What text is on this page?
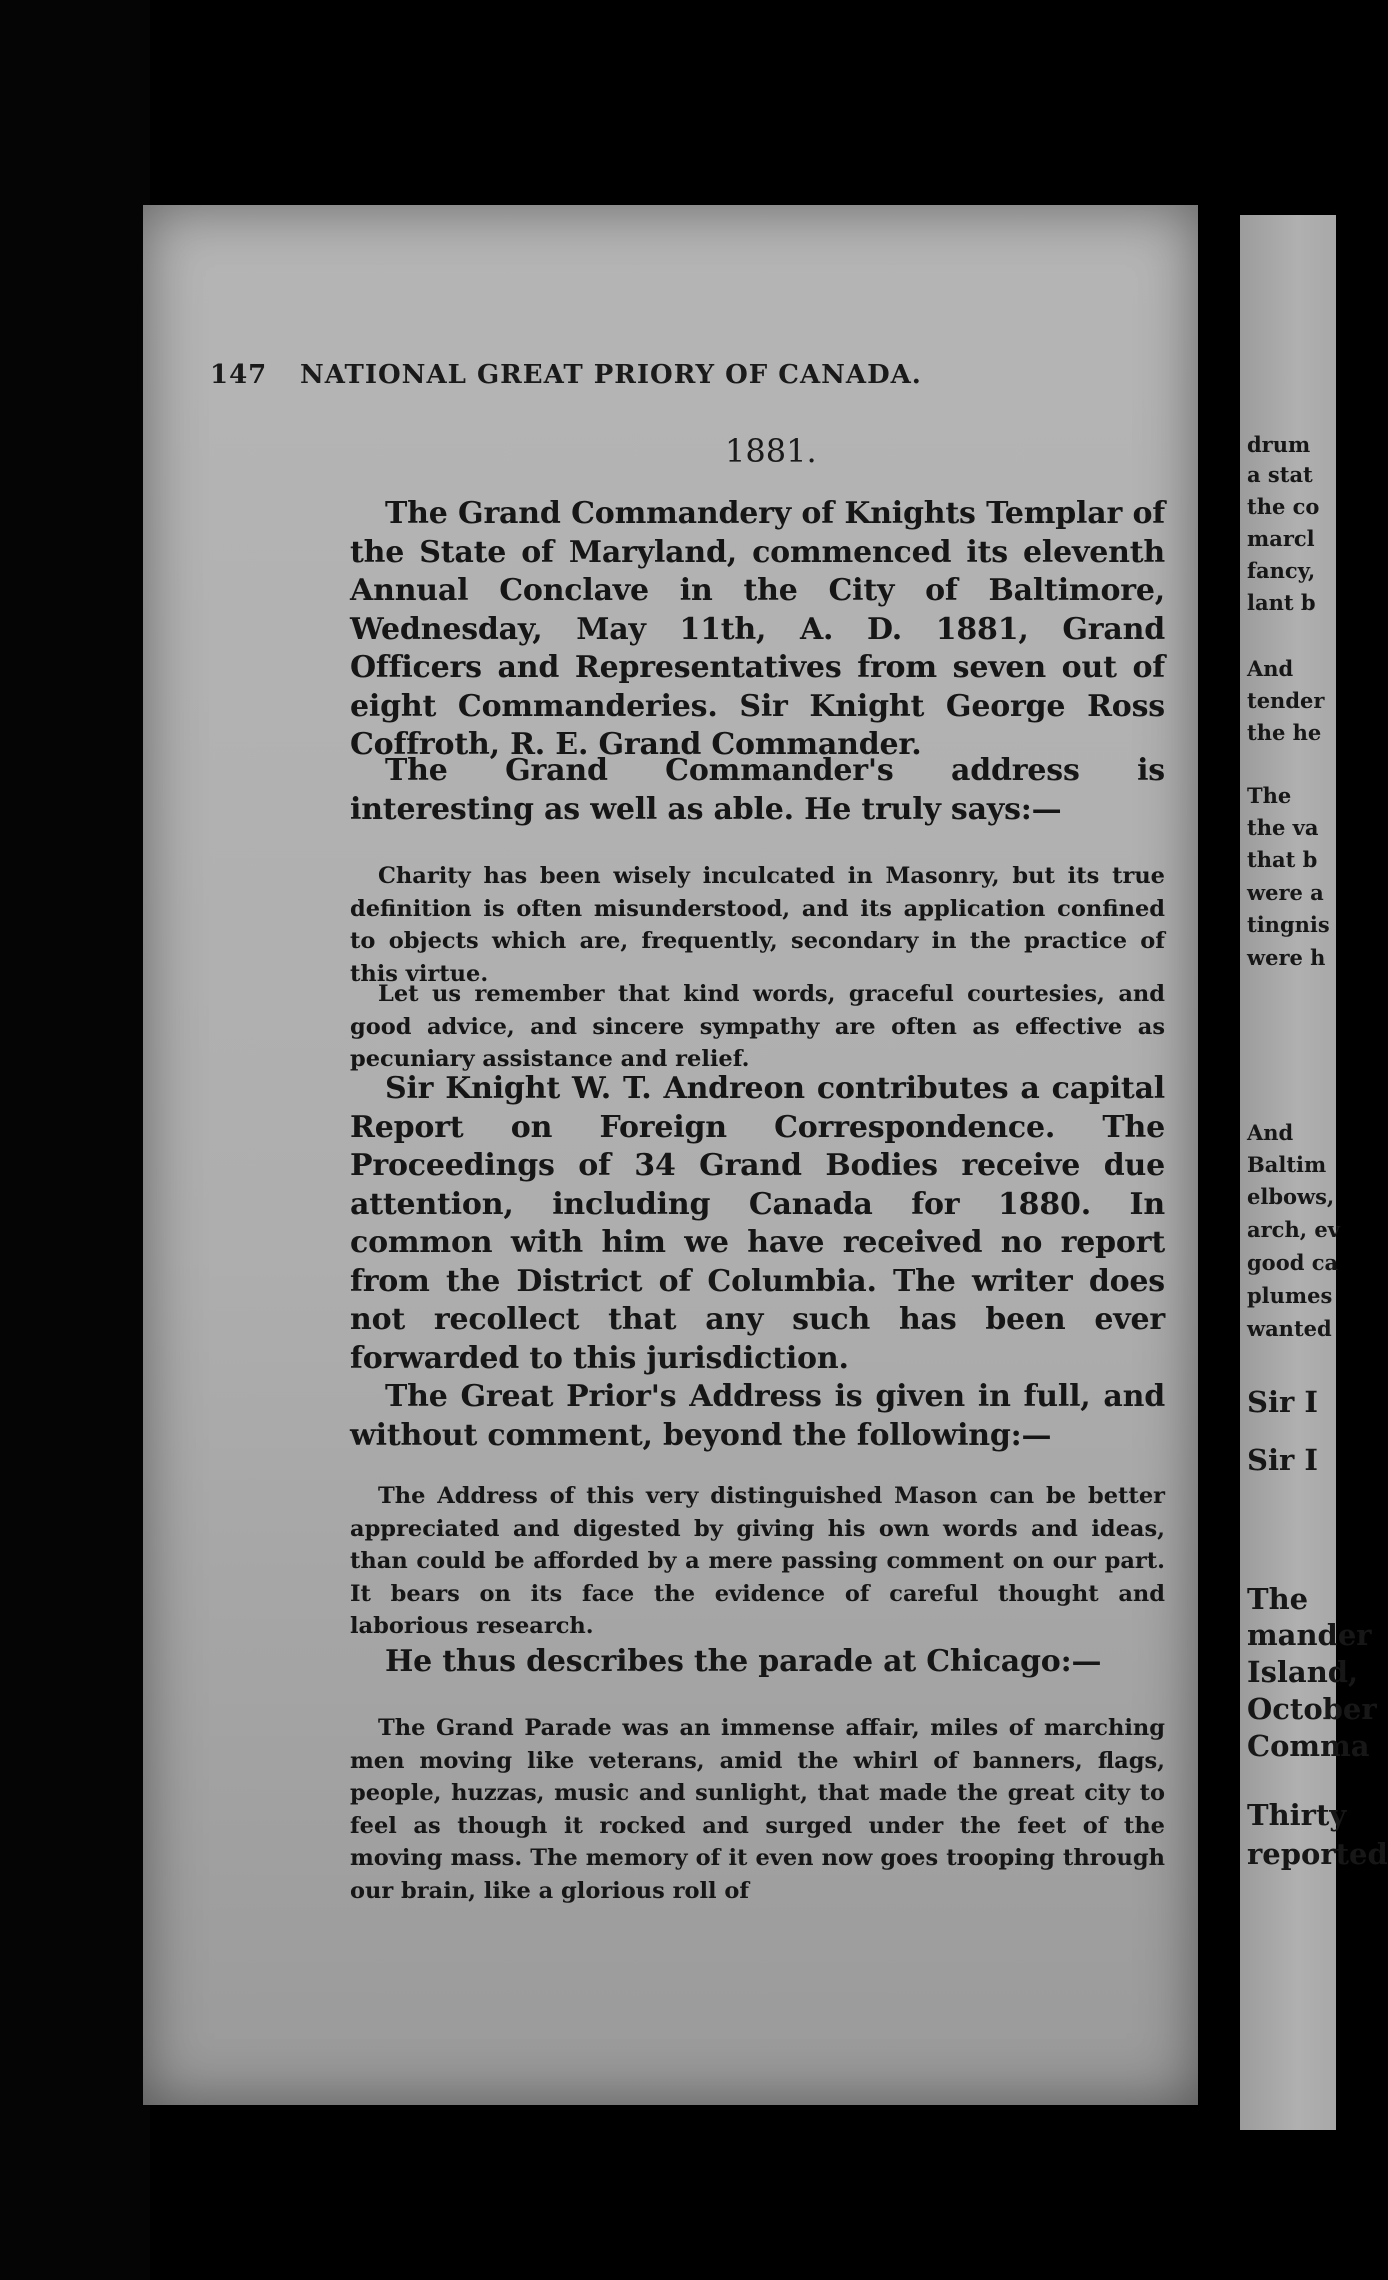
147 NATIONAL GREAT PRIORY OF CANADA.
1881.
The Grand Commandery of Knights Templar of the State of Maryland, commenced its eleventh Annual Conclave in the City of Baltimore, Wednesday, May 11th, A. D. 1881, Grand Officers and Representatives from seven out of eight Commanderies. Sir Knight George Ross Coffroth, R. E. Grand Commander.
The Grand Commander's address is interesting as well as able. He truly says:—
Charity has been wisely inculcated in Masonry, but its true definition is often misunderstood, and its application confined to objects which are, frequently, secondary in the practice of this virtue.
Let us remember that kind words, graceful courtesies, and good advice, and sincere sympathy are often as effective as pecuniary assistance and relief.
Sir Knight W. T. Andreon contributes a capital Report on Foreign Correspondence. The Proceedings of 34 Grand Bodies receive due attention, including Canada for 1880. In common with him we have received no report from the District of Columbia. The writer does not recollect that any such has been ever forwarded to this jurisdiction.
The Great Prior's Address is given in full, and without comment, beyond the following:—
The Address of this very distinguished Mason can be better appreciated and digested by giving his own words and ideas, than could be afforded by a mere passing comment on our part. It bears on its face the evidence of careful thought and laborious research.
He thus describes the parade at Chicago:—
The Grand Parade was an immense affair, miles of marching men moving like veterans, amid the whirl of banners, flags, people, huzzas, music and sunlight, that made the great city to feel as though it rocked and surged under the feet of the moving mass. The memory of it even now goes trooping through our brain, like a glorious roll of
drum
a stat
the co
marcl
fancy,
lant b
And
tender
the he
The
the va
that b
were a
tingnis
were h
And
Baltim
elbows,
arch, ev
good ca
plumes
wanted
Sir I
Sir I
The
mander
Island,
October
Comma
Thirty
reported
